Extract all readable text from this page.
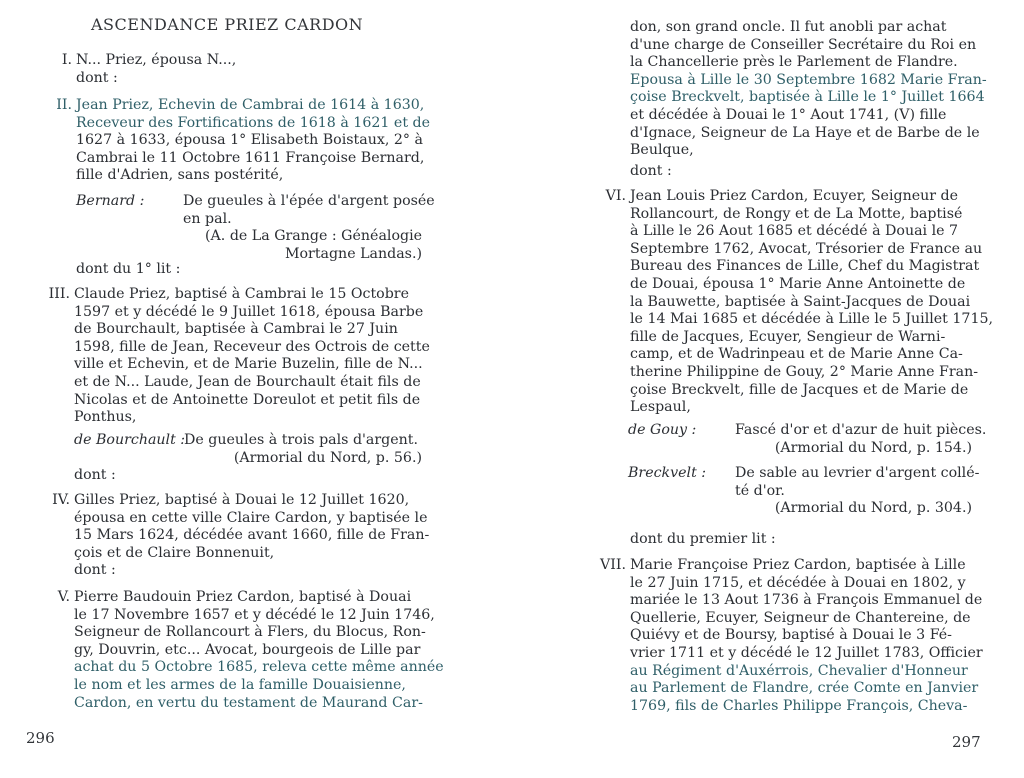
ASCENDANCE PRIEZ CARDON
I. N... Priez, épousa N...,
dont :
II. Jean Priez, Echevin de Cambrai de 1614 à 1630,
Receveur des Fortifications de 1618 à 1621 et de
1627 à 1633, épousa 1° Elisabeth Boistaux, 2° à
Cambrai le 11 Octobre 1611 Françoise Bernard,
fille d'Adrien, sans postérité,
Bernard :	De gueules à l'épée d'argent posée
en pal.
(A. de La Grange : Généalogie
Mortagne Landas.)
dont du 1° lit :
III. Claude Priez, baptisé à Cambrai le 15 Octobre
1597 et y décédé le 9 Juillet 1618, épousa Barbe
de Bourchault, baptisée à Cambrai le 27 Juin
1598, fille de Jean, Receveur des Octrois de cette
ville et Echevin, et de Marie Buzelin, fille de N...
et de N... Laude, Jean de Bourchault était fils de
Nicolas et de Antoinette Doreulot et petit fils de
Ponthus,
de Bourchault :
De gueules à trois pals d'argent.
(Armorial du Nord, p. 56.)
dont :
IV. Gilles Priez, baptisé à Douai le 12 Juillet 1620,
épousa en cette ville Claire Cardon, y baptisée le
15 Mars 1624, décédée avant 1660, fille de Fran-
çois et de Claire Bonnenuit,
dont :
V. Pierre Baudouin Priez Cardon, baptisé à Douai
le 17 Novembre 1657 et y décédé le 12 Juin 1746,
Seigneur de Rollancourt à Flers, du Blocus, Ron-
gy, Douvrin, etc... Avocat, bourgeois de Lille par
achat du 5 Octobre 1685, releva cette même année
le nom et les armes de la famille Douaisienne,
Cardon, en vertu du testament de Maurand Car-
296
don, son grand oncle. Il fut anobli par achat
d'une charge de Conseiller Secrétaire du Roi en
la Chancellerie près le Parlement de Flandre.
Epousa à Lille le 30 Septembre 1682 Marie Fran-
çoise Breckvelt, baptisée à Lille le 1° Juillet 1664
et décédée à Douai le 1° Aout 1741, (V) fille
d'Ignace, Seigneur de La Haye et de Barbe de le
Beulque,
dont :
VI. Jean Louis Priez Cardon, Ecuyer, Seigneur de
Rollancourt, de Rongy et de La Motte, baptisé
à Lille le 26 Aout 1685 et décédé à Douai le 7
Septembre 1762, Avocat, Trésorier de France au
Bureau des Finances de Lille, Chef du Magistrat
de Douai, épousa 1° Marie Anne Antoinette de
la Bauwette, baptisée à Saint-Jacques de Douai
le 14 Mai 1685 et décédée à Lille le 5 Juillet 1715,
fille de Jacques, Ecuyer, Sengieur de Warni-
camp, et de Wadrinpeau et de Marie Anne Ca-
therine Philippine de Gouy, 2° Marie Anne Fran-
çoise Breckvelt, fille de Jacques et de Marie de
Lespaul,
de Gouy :	Fascé d'or et d'azur de huit pièces.
(Armorial du Nord, p. 154.)
Breckvelt : De sable au levrier d'argent collé-
té d'or.
(Armorial du Nord, p. 304.)
dont du premier lit :
VII. Marie Françoise Priez Cardon, baptisée à Lille
le 27 Juin 1715, et décédée à Douai en 1802, y
mariée le 13 Aout 1736 à François Emmanuel de
Quellerie, Ecuyer, Seigneur de Chantereine, de
Quiévy et de Boursy, baptisé à Douai le 3 Fé-
vrier 1711 et y décédé le 12 Juillet 1783, Officier
au Régiment d'Auxérrois, Chevalier d'Honneur
au Parlement de Flandre, crée Comte en Janvier
1769, fils de Charles Philippe François, Cheva-
297
